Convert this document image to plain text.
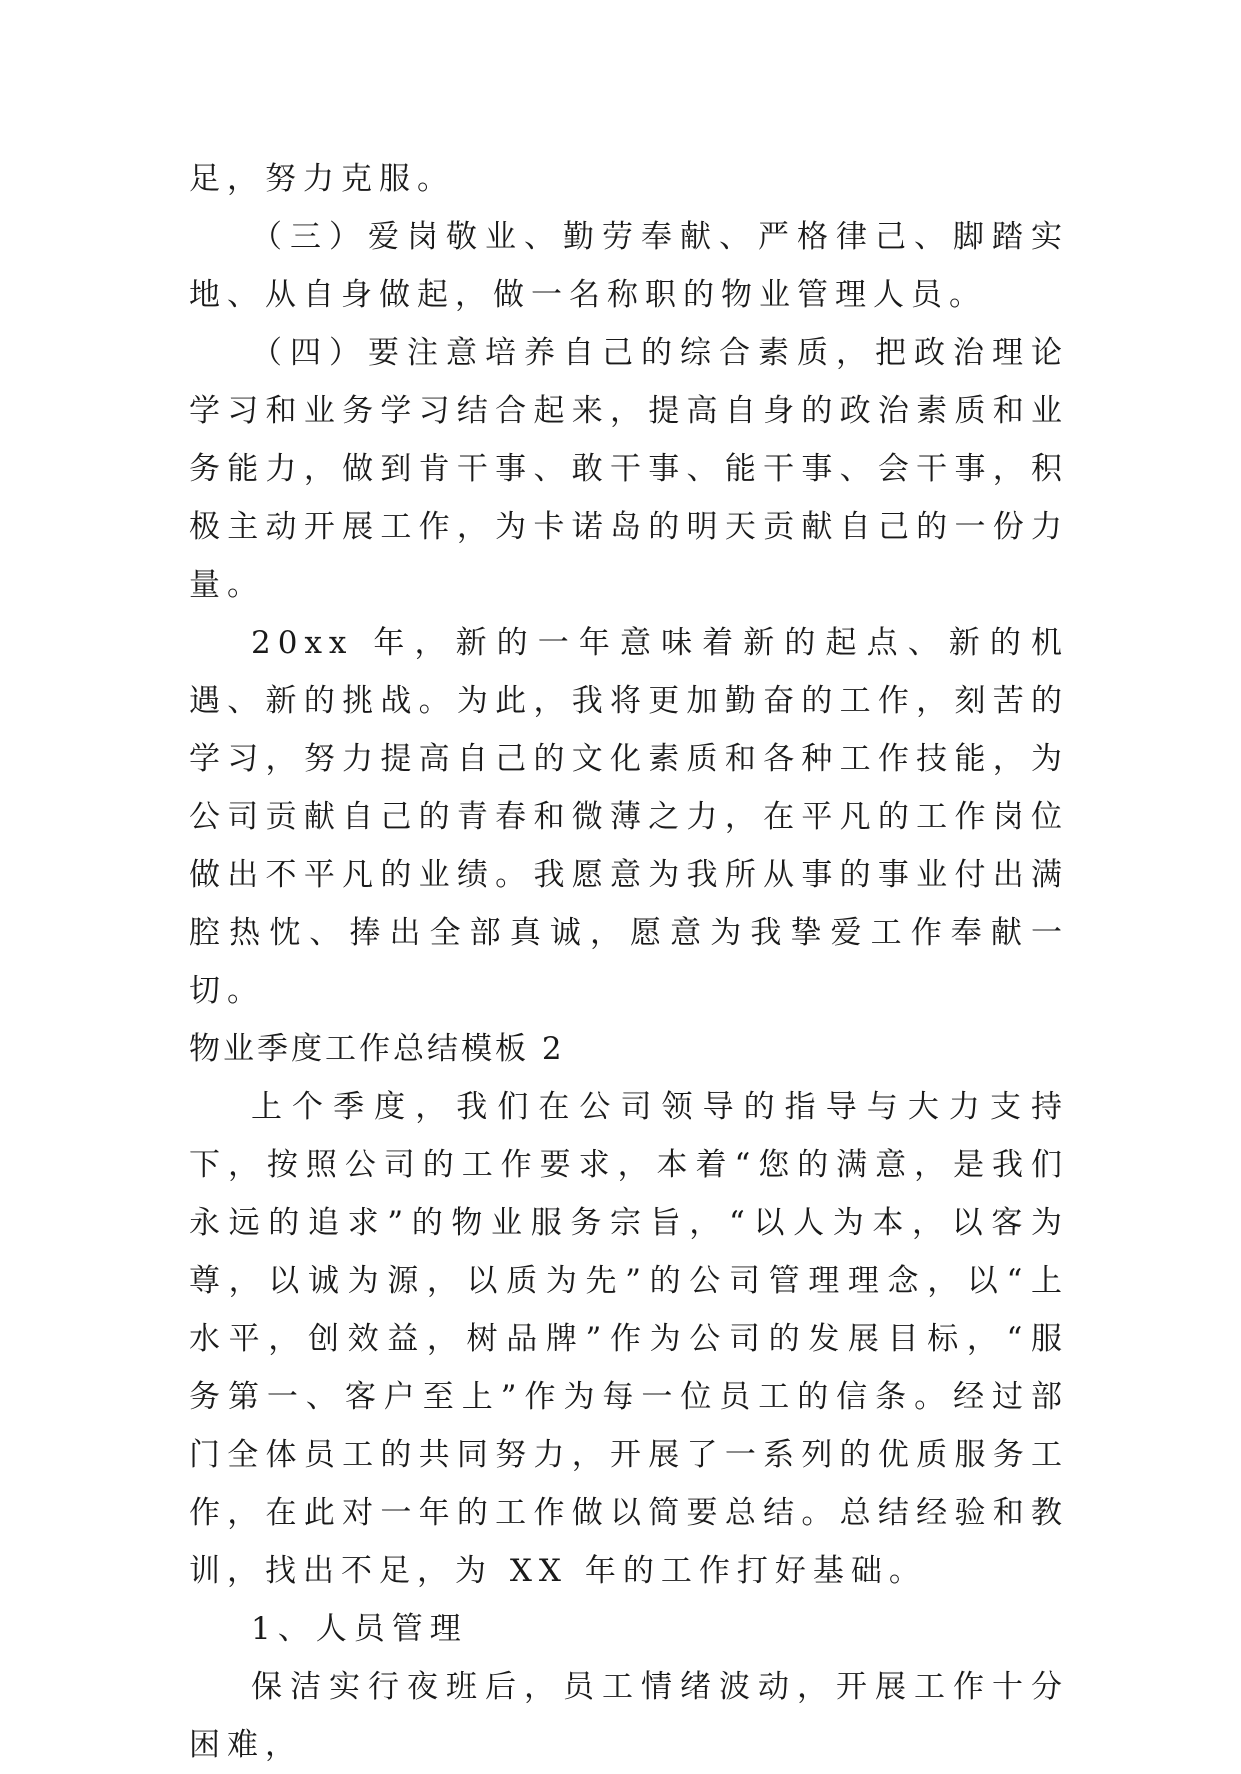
足，努力克服。

（三）爱岗敬业、勤劳奉献、严格律己、脚踏实地、从自身做起，做一名称职的物业管理人员。

（四）要注意培养自己的综合素质，把政治理论学习和业务学习结合起来，提高自身的政治素质和业务能力，做到肯干事、敢干事、能干事、会干事，积极主动开展工作，为卡诺岛的明天贡献自己的一份力量。

20xx 年，新的一年意味着新的起点、新的机遇、新的挑战。为此，我将更加勤奋的工作，刻苦的学习，努力提高自己的文化素质和各种工作技能，为公司贡献自己的青春和微薄之力，在平凡的工作岗位做出不平凡的业绩。我愿意为我所从事的事业付出满腔热忱、捧出全部真诚，愿意为我挚爱工作奉献一切。

物业季度工作总结模板 2

上个季度，我们在公司领导的指导与大力支持下，按照公司的工作要求，本着“您的满意，是我们永远的追求”的物业服务宗旨，“以人为本，以客为尊，以诚为源，以质为先”的公司管理理念，以“上水平，创效益，树品牌”作为公司的发展目标，“服务第一、客户至上”作为每一位员工的信条。经过部门全体员工的共同努力，开展了一系列的优质服务工作，在此对一年的工作做以简要总结。总结经验和教训，找出不足，为 XX 年的工作打好基础。

1、人员管理

保洁实行夜班后，员工情绪波动，开展工作十分困难，
